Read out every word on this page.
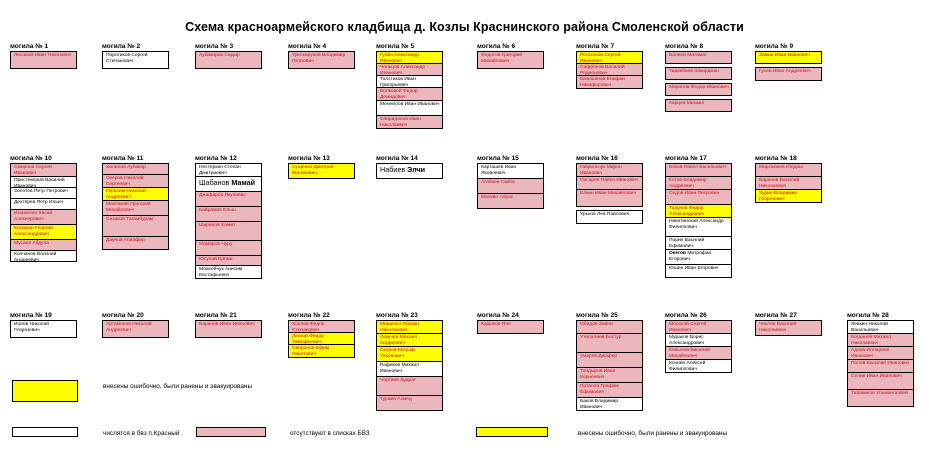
Схема красноармейского кладбища д. Козлы Краснинского района Смоленской области
могила № 1
Лисовой Иван Тихонович
могила № 2
Поротиков Сергей Степанович
могила № 3
Аубакиров Садыр
могила № 4
Трескорунов Владимир Петрович
могила № 5
Губин Александр Иванович
Чельцов Александр Иванович
Толстиков Иван Григорьевич
Волковой Федор Демидович
Менейлов Иван Иванович
Спиридонов Иван Николаевич
могила № 6
Федотов Григорий Михайлович
могила № 7
Рогозянов Сергей Иванович
Сафронов Василий Родионович
Емельянов Елифан Никифорович
могила № 8
Балиев Матамат
Тадкибаев Закирджан
Миронов Федор Иванович
Карцев Михаил
могила № 9
Зимин Иван Иванович
Гусев Иван Андреевич
могила № 10
Смирнов Сергей Иванович
Пристемский Василий Иванович
Золотов Петр Петрович
Дехтярев Петр Ильич
Исмаилов Хасай Алескерович
Косицын Георгий Александрович
Мусаев Абдула
Колчанов Василий Андреевич
могила № 11
Халилов Аубакир
Озеров Николай Сергеевич
Герасим Николай Андреевич
Максимов Григорий Михайлович
Сазиков Тагамбурам
Даунов Апилфир
могила № 12
Нестеркин Степан Дмитриевич
Шабанов Мамай
Джафаров Якуливас
Байрамов Ельш
Ширипов Хамит
Мамаров Нуру
Юсупов Ергаш
Моисейчук Анисим Евстафьевич
могила № 13
Сущенко Дмитрий Матвеевич
могила № 14
Набиев Элчи
могила № 15
Карташев Иван Яковлевич
Агабаев Гамба
Мелкин Апрас
могила № 16
Гаврильчук Мирон Иванович
Писарев Павел Иванович
Елкин Иван Михайлович
Урьков Лев Павлович
могила № 17
Бяков Павел Васильевич
Котов Владимир Андреевич
Седов Иван Петрович
Толунов Федор Александрович
Никитинский Александр Филиппович
Порин Василий Ефимович
Окегов Митрофан Егорович
Юшин Иван Егорович
могила № 18
Мирсалиев Юлдаш
Баранов Василий Николаевич
Зудин Владимир Георгиевич
могила № 19
Ионов Николай Георгиевич
могила № 20
Артамонов Николай Андреевич
могила № 21
Баранов Иван Иванович
могила № 22
Хохлов Федор Степанович
Лисков Федор Тимофеевич
Сапронов Ефим Никитович
могила № 23
Мищенко Герман Николаевич
Лякучев Михаил Андреевич
Скоров Евграф Тихонович
Рафиков Михаил Иванович
Чертаев Худрат
Тураев Ахмед
могила № 24
Кадыков Яне
могила № 25
Обидов Зайни
Утепалиев Бостур
Умаров Джафер
Тондыров Иван Корнеевич
Потапов Трофим Ефимович
Баков Владимир Иванович
могила № 26
Молоков Сергей Иванович
Мураков Борис Александрович
Копылов Василий Михайлович
Кочнев Алексей Филиппович
могила № 27
Чеклов Василий Николаевич
могила № 28
Левкин Николай Васильевич
Богданов Михаил Николаевич
Адаев Илларион Иванович
Попов Василий Иванович
Селин Иван Иванович
Табакинов Ульмангазбей
внесены ошибочно, были ранены и эвакуированы
числятся в бвз п.Красный	отсутствуют в списках БВЗ	внесены ошибочно, были ранены и эвакуированы
